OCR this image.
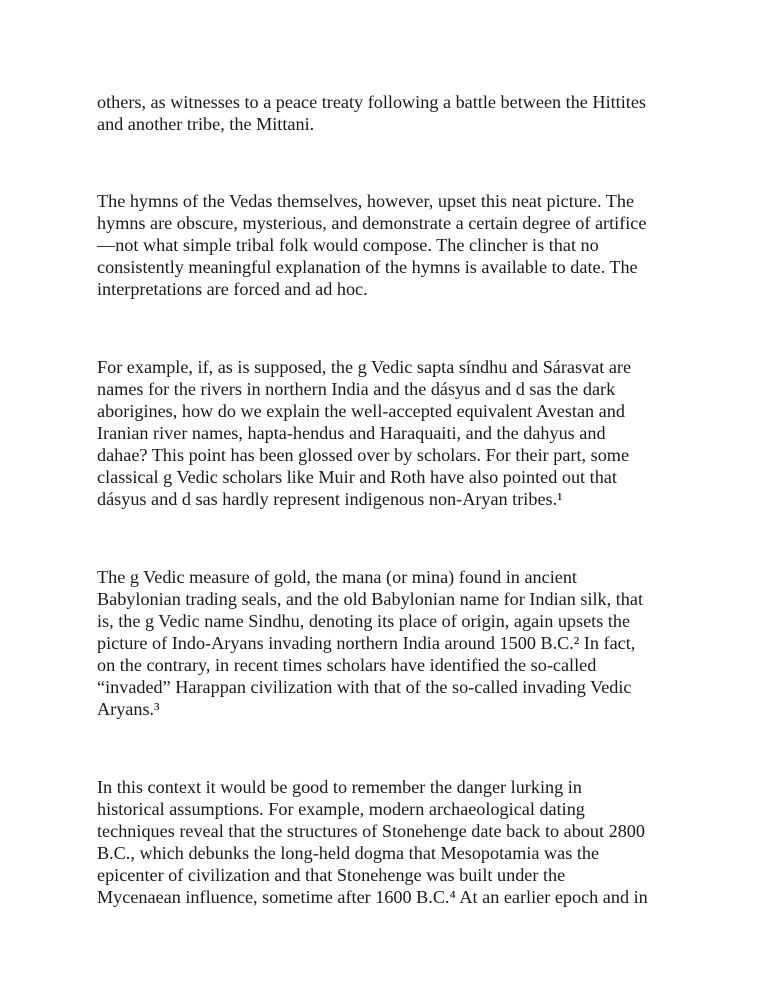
others, as witnesses to a peace treaty following a battle between the Hittites
and another tribe, the Mittani.

The hymns of the Vedas themselves, however, upset this neat picture. The
hymns are obscure, mysterious, and demonstrate a certain degree of artifice
—not what simple tribal folk would compose. The clincher is that no
consistently meaningful explanation of the hymns is available to date. The
interpretations are forced and ad hoc.

For example, if, as is supposed, the g Vedic sapta síndhu and Sárasvat are
names for the rivers in northern India and the dásyus and d sas the dark
aborigines, how do we explain the well-accepted equivalent Avestan and
Iranian river names, hapta-hendus and Haraquaiti, and the dahyus and
dahae? This point has been glossed over by scholars. For their part, some
classical g Vedic scholars like Muir and Roth have also pointed out that
dásyus and d sas hardly represent indigenous non-Aryan tribes.¹

The g Vedic measure of gold, the mana (or mina) found in ancient
Babylonian trading seals, and the old Babylonian name for Indian silk, that
is, the g Vedic name Sindhu, denoting its place of origin, again upsets the
picture of Indo-Aryans invading northern India around 1500 B.C.² In fact,
on the contrary, in recent times scholars have identified the so-called
“invaded” Harappan civilization with that of the so-called invading Vedic
Aryans.³

In this context it would be good to remember the danger lurking in
historical assumptions. For example, modern archaeological dating
techniques reveal that the structures of Stonehenge date back to about 2800
B.C., which debunks the long-held dogma that Mesopotamia was the
epicenter of civilization and that Stonehenge was built under the
Mycenaean influence, sometime after 1600 B.C.⁴ At an earlier epoch and in
